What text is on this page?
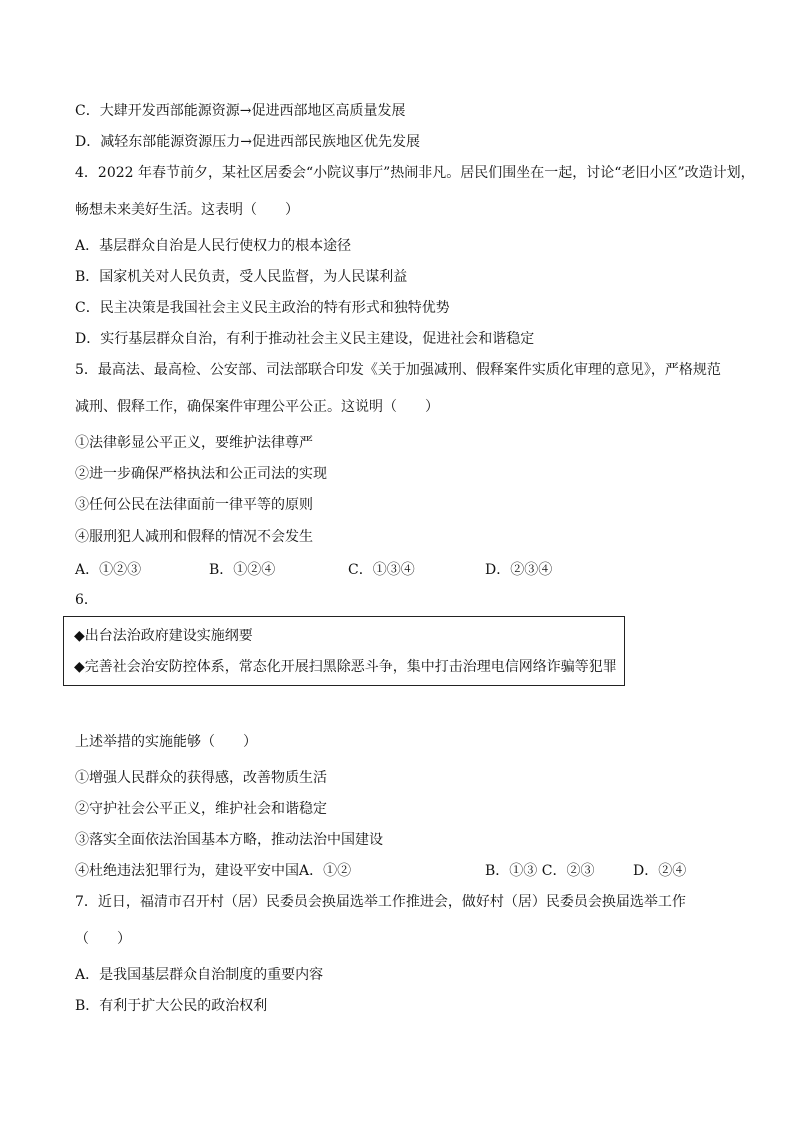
C．大肆开发西部能源资源→促进西部地区高质量发展
D．减轻东部能源资源压力→促进西部民族地区优先发展
4．2022 年春节前夕，某社区居委会“小院议事厅”热闹非凡。居民们围坐在一起，讨论“老旧小区”改造计划，
畅想未来美好生活。这表明（　　）
A．基层群众自治是人民行使权力的根本途径
B．国家机关对人民负责，受人民监督，为人民谋利益
C．民主决策是我国社会主义民主政治的特有形式和独特优势
D．实行基层群众自治，有利于推动社会主义民主建设，促进社会和谐稳定
5．最高法、最高检、公安部、司法部联合印发《关于加强减刑、假释案件实质化审理的意见》，严格规范
减刑、假释工作，确保案件审理公平公正。这说明（　　）
①法律彰显公平正义，要维护法律尊严
②进一步确保严格执法和公正司法的实现
③任何公民在法律面前一律平等的原则
④服刑犯人减刑和假释的情况不会发生
A．①②③	B．①②④	C．①③④	D．②③④
6．
◆出台法治政府建设实施纲要
◆完善社会治安防控体系，常态化开展扫黑除恶斗争，集中打击治理电信网络诈骗等犯罪
上述举措的实施能够（　　）
①增强人民群众的获得感，改善物质生活
②守护社会公平正义，维护社会和谐稳定
③落实全面依法治国基本方略，推动法治中国建设
④杜绝违法犯罪行为，建设平安中国A．①②	B．①③ C．②③	D．②④
7．近日，福清市召开村（居）民委员会换届选举工作推进会，做好村（居）民委员会换届选举工作
（　　）
A．是我国基层群众自治制度的重要内容
B．有利于扩大公民的政治权利
